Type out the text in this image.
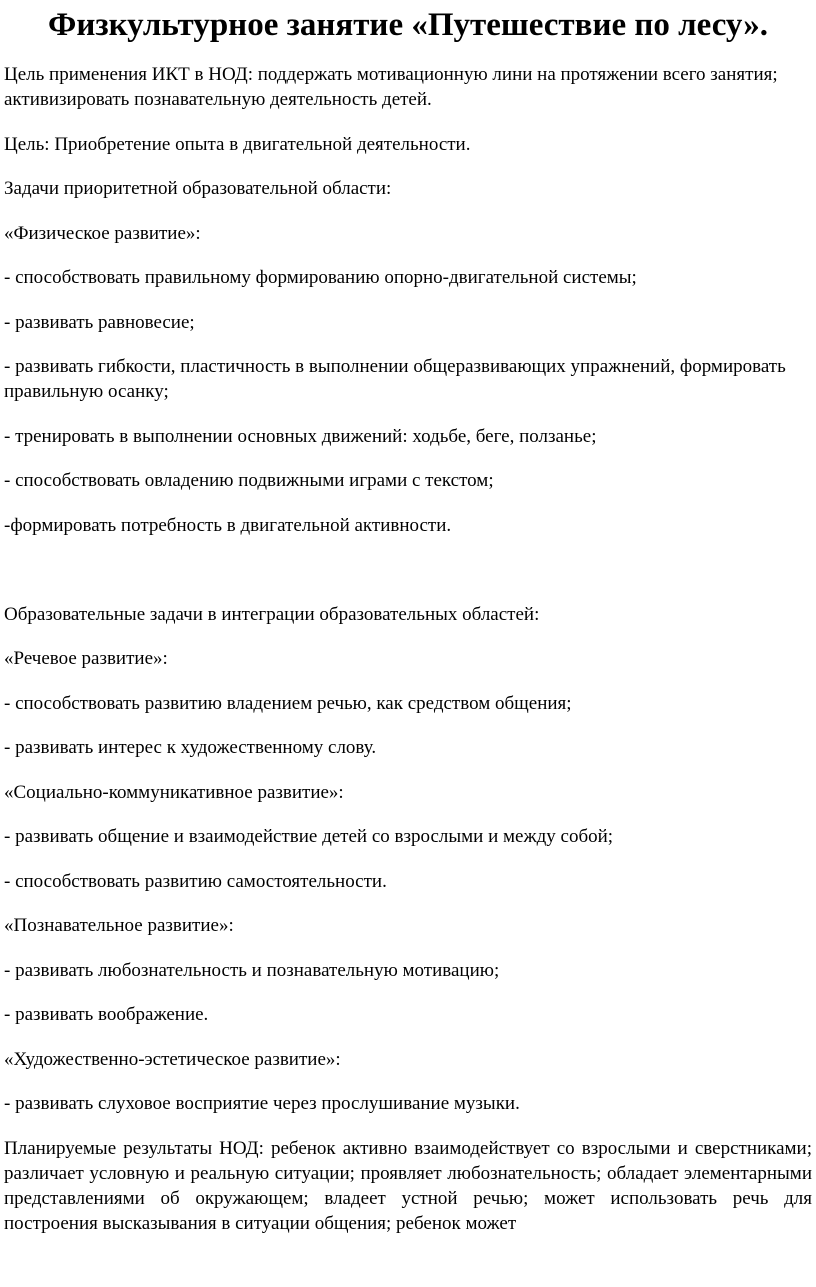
Физкультурное занятие «Путешествие по лесу».

Цель применения ИКТ в НОД: поддержать мотивационную лини на протяжении всего занятия; активизировать познавательную деятельность детей.

Цель: Приобретение опыта в двигательной деятельности.

Задачи приоритетной образовательной области:

«Физическое развитие»:

- способствовать правильному формированию опорно-двигательной системы;

- развивать равновесие;

- развивать гибкости, пластичность в выполнении общеразвивающих упражнений, формировать правильную осанку;

- тренировать в выполнении основных движений: ходьбе, беге, ползанье;

- способствовать овладению подвижными играми с текстом;

-формировать потребность в двигательной активности.

Образовательные задачи в интеграции образовательных областей:

«Речевое развитие»:

- способствовать развитию владением речью, как средством общения;

- развивать интерес к художественному слову.

«Социально-коммуникативное развитие»:

- развивать общение и взаимодействие детей со взрослыми и между собой;

- способствовать развитию самостоятельности.

«Познавательное развитие»:

- развивать любознательность и познавательную мотивацию;

- развивать воображение.

«Художественно-эстетическое развитие»:

- развивать слуховое восприятие через прослушивание музыки.

Планируемые результаты НОД: ребенок активно взаимодействует со взрослыми и сверстниками; различает условную и реальную ситуации; проявляет любознательность; обладает элементарными представлениями об окружающем; владеет устной речью; может использовать речь для построения высказывания в ситуации общения; ребенок может
